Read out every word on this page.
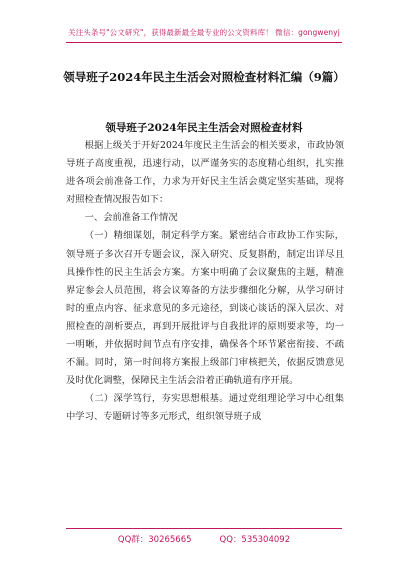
关注头条号"公文研究"，获得最新最全最专业的公文资料库！ 微信：gongwenyj
领导班子2024年民主生活会对照检查材料汇编（9篇）
领导班子2024年民主生活会对照检查材料

根据上级关于开好2024年度民主生活会的相关要求，市政协领导班子高度重视，迅速行动，以严谨务实的态度精心组织，扎实推进各项会前准备工作，力求为开好民主生活会奠定坚实基础，现将对照检查情况报告如下：

一、会前准备工作情况

（一）精细谋划，制定科学方案。紧密结合市政协工作实际，领导班子多次召开专题会议，深入研究、反复斟酌，制定出详尽且具操作性的民主生活会方案。方案中明确了会议聚焦的主题，精准界定参会人员范围，将会议筹备的方法步骤细化分解，从学习研讨时的重点内容、征求意见的多元途径，到谈心谈话的深入层次、对照检查的剖析要点，再到开展批评与自我批评的原则要求等，均一一明晰，并依据时间节点有序安排，确保各个环节紧密衔接、不疏不漏。同时，第一时间将方案报上级部门审核把关，依据反馈意见及时优化调整，保障民主生活会沿着正确轨道有序开展。

（二）深学笃行，夯实思想根基。通过党组理论学习中心组集中学习、专题研讨等多元形式，组织领导班子成

QQ群：30265665	QQ：535304092
